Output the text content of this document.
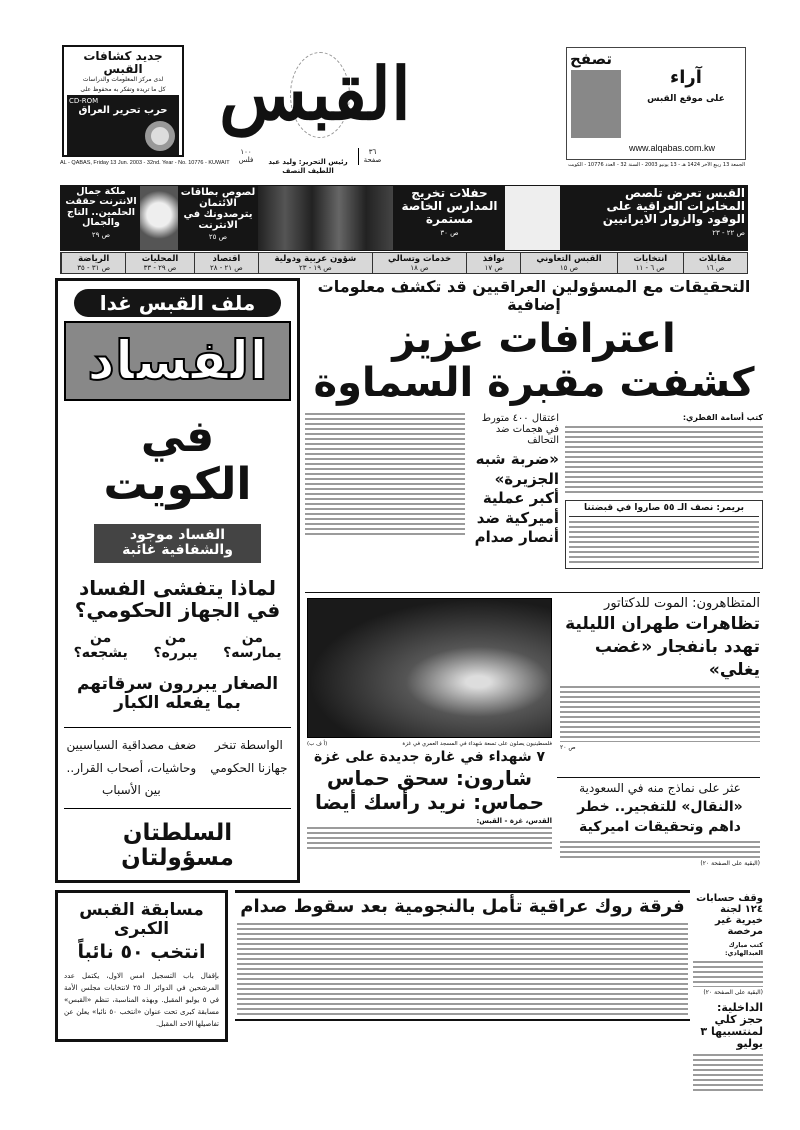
جديد كشافات القبس
لدى مركز المعلومات والدراسات
كل ما تريده وتفكر به محفوظ على
CD-ROM
حرب تحرير العراق القبس	تصفح
آراء
على موقع القبس
www.alqabas.com.kw
AL - QABAS, Friday 13 Jun. 2003 - 32nd. Year - No. 10776 - KUWAIT
١٠٠
فلس	رئيس التحرير: وليد عبد اللطيف النصف
٣٦
صفحة
الجمعة 13 ربيع الآخر 1424 هـ - 13 يونيو 2003 - السنة 32 - العدد 10776 - الكويت
القبس تعرض تلصص المخابرات العراقية على الوفود والزوار الايرانيين
ص ٢٢ - ٢٣
حفلات تخريج المدارس الخاصة مستمرة
ص ٣٠
لصوص بطاقات الائتمان يترصدونك في الانترنت
ص ٢٥
ملكة جمال الانترنت حققت الحلمين.. التاج والجمال
ص ٢٩
مقابلات
ص ١٦
انتخابات
ص ٦ - ١١
القبس التعاوني
ص ١٥
نوافذ
ص ١٧
خدمات وتسالي
ص ١٨
شؤون عربية ودولية
ص ١٩ - ٢٣
اقتصاد
ص ٢١ - ٢٨
المحليات
ص ٢٩ - ٣٣
الرياضة
ص ٣١ - ٣٥
ملف القبس غدا
الفساد
في الكويت
الفساد موجود والشفافية غائبة
لماذا يتفشى الفساد في الجهاز الحكومي؟
من يمارسه؟
من يبرره؟
من يشجعه؟
الصغار يبررون سرقاتهم بما يفعله الكبار
الواسطة تنخر جهازنا الحكومي
ضعف مصداقية السياسيين وحاشيات، أصحاب القرار.. بين الأسباب
السلطتان مسؤولتان
التحقيقات مع المسؤولين العراقيين قد تكشف معلومات إضافية
اعترافات عزيز
كشفت مقبرة السماوة
كتب أسامة القطري:
بريمر: نصف الـ ٥٥ صاروا في قبضتنا
اعتقال ٤٠٠ متورط في هجمات ضد التحالف
«ضربة شبه الجزيرة» أكبر عملية أميركية ضد أنصار صدام
فلسطينيون يصلون على تسعة شهداء في المسجد العمري في غزة
(أ ف ب)
٧ شهداء في غارة جديدة على غزة
شارون: سحق حماس
حماس: نريد رأسك أيضا
القدس، غزة - القبس:
المتظاهرون: الموت للدكتاتور
تظاهرات طهران الليلية تهدد بانفجار «غضب يغلي»
ص ٢٠
عثر على نماذج منه في السعودية
«النقال» للتفجير.. خطر داهم وتحقيقات اميركية
(البقية على الصفحة ٢٠)
مسابقة القبس الكبرى
انتخب ٥٠ نائباً
بإقفال باب التسجيل امس الاول، يكتمل عدد المرشحين في الدوائر الـ ٢٥ لانتخابات مجلس الأمة في ٥ يوليو المقبل. وبهذه المناسبة، تنظم «القبس» مسابقة كبرى تحت عنوان «انتخب ٥٠ نائبا» يعلن عن تفاصيلها الاحد المقبل.
فرقة روك عراقية تأمل بالنجومية بعد سقوط صدام	وقف حسابات ١٢٤ لجنة خيرية غير مرخصة
كتب مبارك العبدالهادي:
(البقية على الصفحة ٢٠)
الداخلية: حجز كلي لمنتسبيها ٣ يوليو
